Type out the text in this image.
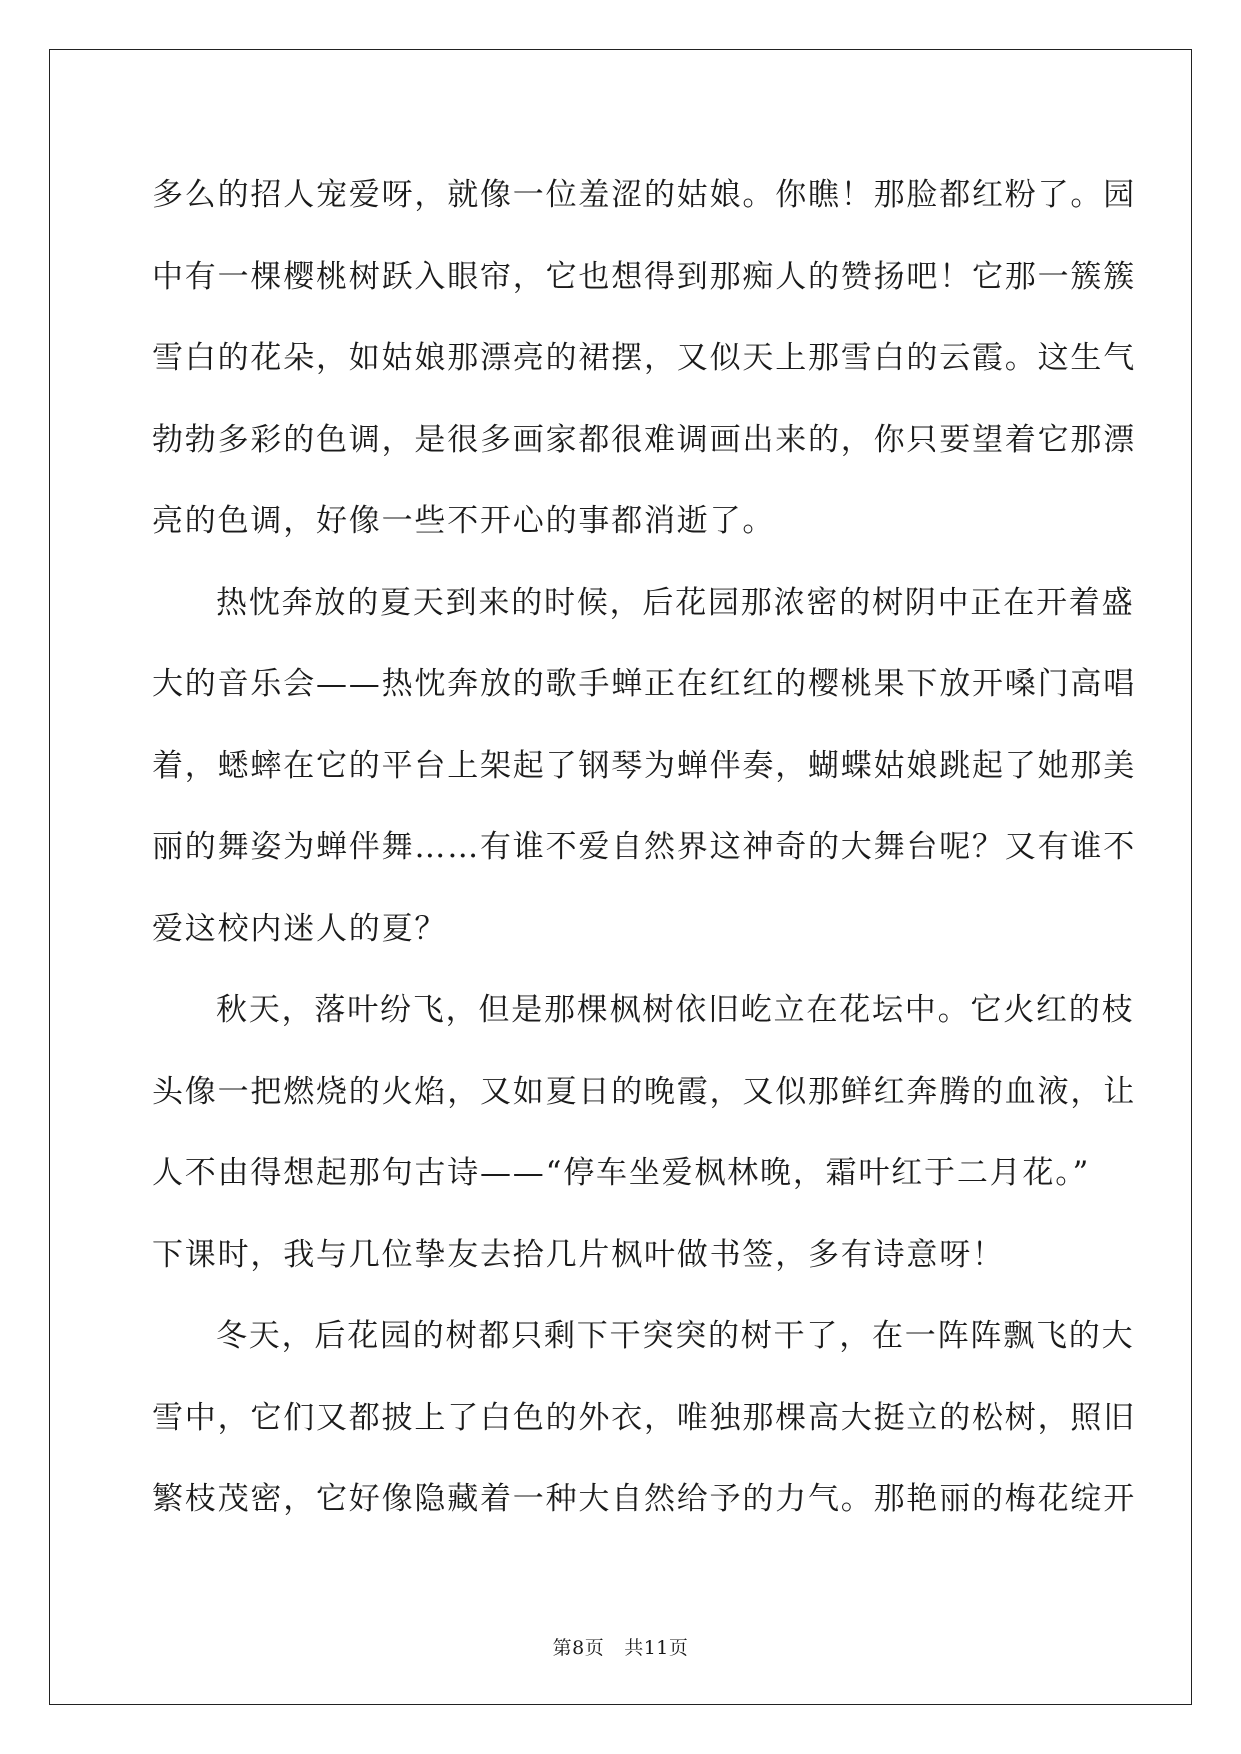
多么的招人宠爱呀，就像一位羞涩的姑娘。你瞧！那脸都红粉了。园
中有一棵樱桃树跃入眼帘，它也想得到那痴人的赞扬吧！它那一簇簇
雪白的花朵，如姑娘那漂亮的裙摆，又似天上那雪白的云霞。这生气
勃勃多彩的色调，是很多画家都很难调画出来的，你只要望着它那漂
亮的色调，好像一些不开心的事都消逝了。
热忱奔放的夏天到来的时候，后花园那浓密的树阴中正在开着盛
大的音乐会——热忱奔放的歌手蝉正在红红的樱桃果下放开嗓门高唱
着，蟋蟀在它的平台上架起了钢琴为蝉伴奏，蝴蝶姑娘跳起了她那美
丽的舞姿为蝉伴舞……有谁不爱自然界这神奇的大舞台呢？又有谁不
爱这校内迷人的夏？
秋天，落叶纷飞，但是那棵枫树依旧屹立在花坛中。它火红的枝
头像一把燃烧的火焰，又如夏日的晚霞，又似那鲜红奔腾的血液，让
人不由得想起那句古诗——“停车坐爱枫林晚，霜叶红于二月花。”
下课时，我与几位挚友去拾几片枫叶做书签，多有诗意呀！
冬天，后花园的树都只剩下干突突的树干了，在一阵阵飘飞的大
雪中，它们又都披上了白色的外衣，唯独那棵高大挺立的松树，照旧
繁枝茂密，它好像隐藏着一种大自然给予的力气。那艳丽的梅花绽开
第8页 共11页
